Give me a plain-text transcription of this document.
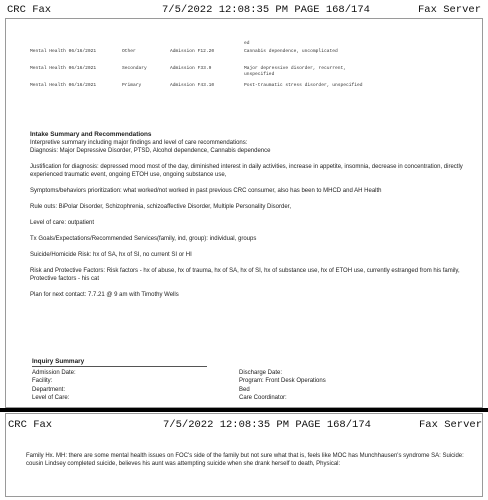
CRC Fax	7/5/2022 12:08:35 PM PAGE 168/174	Fax Server
ed
Mental Health 06/16/2021	Other	Admission F12.20	Cannabis dependence, uncomplicated
Mental Health 06/16/2021	Secondary	Admission F33.9	Major depressive disorder, recurrent, unspecified
Mental Health 06/16/2021	Primary	Admission F43.10	Post-traumatic stress disorder, unspecified

Intake Summary and Recommendations

Interpretive summary including major findings and level of care recommendations:

Diagnosis: Major Depressive Disorder, PTSD, Alcohol dependence, Cannabis dependence

Justification for diagnosis: depressed mood most of the day, diminished interest in daily activities, increase in appetite, insomnia, decrease in concentration, directly experienced traumatic event, ongoing ETOH use, ongoing substance use,

Symptoms/behaviors prioritization: what worked/not worked in past previous CRC consumer, also has been to MHCD and AH Health

Rule outs: BiPolar Disorder, Schizophrenia, schizoaffective Disorder, Multiple Personality Disorder,

Level of care: outpatient

Tx Goals/Expectations/Recommended Services(family, ind, group): individual, groups

Suicide/Homicide Risk: hx of SA, hx of SI, no current SI or HI

Risk and Protective Factors: Risk factors - hx of abuse, hx of trauma, hx of SA, hx of SI, hx of substance use, hx of ETOH use, currently estranged from his family, Protective factors - his cat

Plan for next contact: 7.7.21 @ 9 am with Timothy Wells

Inquiry Summary
Admission Date:	Discharge Date:
Facility:	Program: Front Desk Operations
Department:	Bed
Level of Care:	Care Coordinator:
CRC Fax	7/5/2022 12:08:35 PM PAGE 168/174	Fax Server

Family Hx. MH: there are some mental health issues on FOC's side of the family but not sure what that is, feels like MOC has Munchhausen's syndrome SA: Suicide: cousin Lindsey completed suicide, believes his aunt was attempting suicide when she drank herself to death, Physical:
